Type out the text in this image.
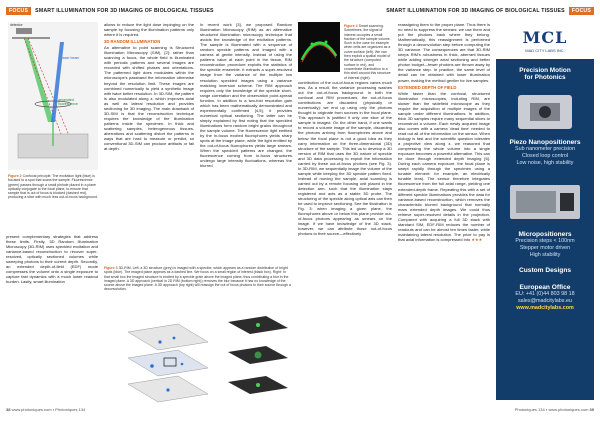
FOCUS	SMART ILLUMINATION FOR 3D IMAGING OF BIOLOGICAL TISSUES	SMART ILLUMINATION FOR 3D IMAGING OF BIOLOGICAL TISSUES	FOCUS
detector
laser beam
generated
fluorescence
Figure 2 Confocal principle. The excitation light (blue) is focused to a spot that scans the sample. Fluorescence (green) passes through a small pinhole placed in a plane optically conjugate to the focal plane, to ensure that sample that is out of focus is blocked (dashed red), producing a slice with much less out-of-focus background.

present complementary strategies that address these limits. Firstly, 3D Random Illumination Microscopy (3D-RIM) uses speckled excitation and variance-based reconstruction to recover super-resolved, optically sectioned volumes while sweeping photons to their correct depth. Secondly, an extended depth-of-field (EDF) mode compresses the volume onto a single exposure to capture fast dynamics with a much lower readout burden. Lastly, smart illumination

allows to reduce the light dose impinging on the sample by focusing the illumination patterns only where it is required.

3D RANDOM ILLUMINATION

An alternative to point scanning is Structured Illumination Microscopy (SIM), [2]: rather than scanning a focus, the whole field is illuminated with periodic patterns and several images are recorded with shifted phases and orientations. The patterned light does modulates within the microscope's passband the information otherwise beyond the resolution limit. These images are combined numerically to yield a synthetic image with twice better resolution. In 3D-SIM, the pattern is also modulated along z, which improves axial as well as lateral resolution and provides sectioning for 3D imaging. The main drawback of 3D-SIM is that the reconstruction technique requires the knowledge of the illumination patterns inside the specimen. In thick and scattering samples, heterogeneous tissues, aberrations and scattering distort the patterns in ways that are hard to measure or predict, so conventional 3D-SIM can produce artifacts or fail at depth.

In recent work [3], we proposed Random Illumination Microscopy (RIM) as an alternative structured illumination microscopy technique that avoids the knowledge of the excitation patterns. The sample is illuminated with a sequence of random speckle patterns and imaged with a camera at gentle intensity. Instead of using the patterns value at each point in the tissue, RIM reconstruction procedure exploits the statistics of the speckle ensemble. It extracts a super-resolved image from the variance of the multiple low resolution speckled images using a variance matching inversion scheme. The RIM approach requires only the knowledge of the speckle short-range correlation and the observation point-spread function. In addition to a two-fold resolution gain which has been mathematically demonstrated and experimentally confirmed [4,5], it provides numerical optical sectioning. The latter can be simply explained by first noting that the speckled illuminations form random bright grains throughout the sample volume. The fluorescence light emitted by the in-focus excited fluorophores yields sharp spots at the image plane, while the light emitted by the out-of-focus fluorophores yields large smears. When the speckled patterns are changed, the fluorescence coming from in-focus structures undergo large intensity fluctuations, whereas the blurred

Figure 3 3D-RIM. Left: a 3D structure (grey) is imaged with a speckle, which appears as a random distribution of bright spots (blue). The imaged plane appears as a dashed line. We focus on a small region of interest (black box). Right: In that small box the imaged structure is excited by a speckle grain above the imaged plane, thus contributing a blur in the imaged plane. A 3D approach (vertical in 2D RIM (bottom right)) removes the blur because it has no knowledge of the source above the imaged plane. A 3D approach (top right) will reassign the out of focus photons to their source through a deconvolution.
Figure 4 Smart scanning. Sometimes, the signal of interest occupies a small fraction of the sample volume. Such is the case for example when cells are organized as a curve surface (left). We can then exploit a spatial model of the structure (computed surface in red), and concentrate illumination to a thin shell around this structure of interest (right).

contribution of the out-of-focus regions varies much less. As a result, the variance processing washes out the out-of-focus background. In both the confocal and RIM procedures, the out-of-focus contributions are discarded (physically or numerically): we end up using only the photons thought to originate from sources in the focal plane. This approach is justified if only one slice of the sample is imaged. On the other hand, if one wants to record a volume image of the sample, discarding the photons arriving from fluorophores above and below the focal plane is not a good idea as they carry information on the three-dimensional (3D) structure of the sample. This led us to develop a 3D version of RIM that uses the 3D nature of speckle and 3D data processing to exploit the information carried by these out-of-focus photons (see Fig. 3). In 3D-RIM, we sequentially image the volume of the sample while keeping the 3D speckle pattern fixed. Instead of moving the sample, axial scanning is carried out by a remote focusing unit placed in the detection arm, such that the illumination stays registered and acts as a stable 3D probe. The structuring of the speckle along optical axis can then be used to improve sectioning. See the illustration in Fig. 3: when imaging a given plane, the fluorophores above or below this plane provide out-of-focus photons appearing as smears on the image. If we have knowledge of the 3D stack, however, we can attribute those out-of-focus photons to their source—effectively

reassigning them to the proper plane. Thus there is no need to suppress the smears: we use them and put the photons back where they belong. Mathematically, this reassignment is performed through a deconvolution step before computing the 3D variance. The consequences are that 3D-RIM keeps RIM's robustness in thick, aberrant tissues while adding stronger axial sectioning and better photon budget—fewer photons are thrown away by the variance step. In practice, the same level of detail can be obtained with lower illumination power, making the method gentler for live samples.

EXTENDED DEPTH OF FIELD

While faster than the confocal, structured illumination microscopies, including RIM, are slower than the widefield microscope as they require the acquisition of multiple images of the sample under different illuminations. In addition, thick 3D samples require many sequential slices to reconstruct a volume. Each newly acquired image also comes with a camera 'dead time' needed to read out all of the information on the sensor. When biology is fast and the scientific question tolerates a projective view along z, we reasoned that compressing the whole volume into a single exposure becomes a powerful alternative. This can be done through extended depth imaging [6]. During each camera exposure, the focal plane is swept rapidly through the specimen using a tunable element: for example, an electrically tunable lens). The sensor therefore integrates fluorescence from the full axial range, yielding one extended-depth frame. Repeating this with a set of different speckle illuminations provides the data for variance-based reconstruction, which removes the characteristic blurred background that normally mars extended depth images. We could thus retrieve super-resolved details in the projection. Compared with acquiring a full 3D stack with standard SIM, EDF-RIM reduces the number of readouts and can be almost ten times faster, while maintaining lateral resolution. The price to pay is that axial information is compressed into ★★★

MCL
MAD CITY LABS INC.
Precision Motion
for Photonics
Piezo Nanopositioners
Sub nanometer precision
Closed loop control
Low noise, high stability
Micropositioners
Precision steps < 100nm
Stepper motor driven
High stability
Custom Designs
European Office
EU: +41 (0)44 803 98 18
sales@madcitylabs.eu
www.madcitylabs.com
38 www.photoniques.com ▪ Photoniques 134	Photoniques 134 ▪ www.photoniques.com 39
